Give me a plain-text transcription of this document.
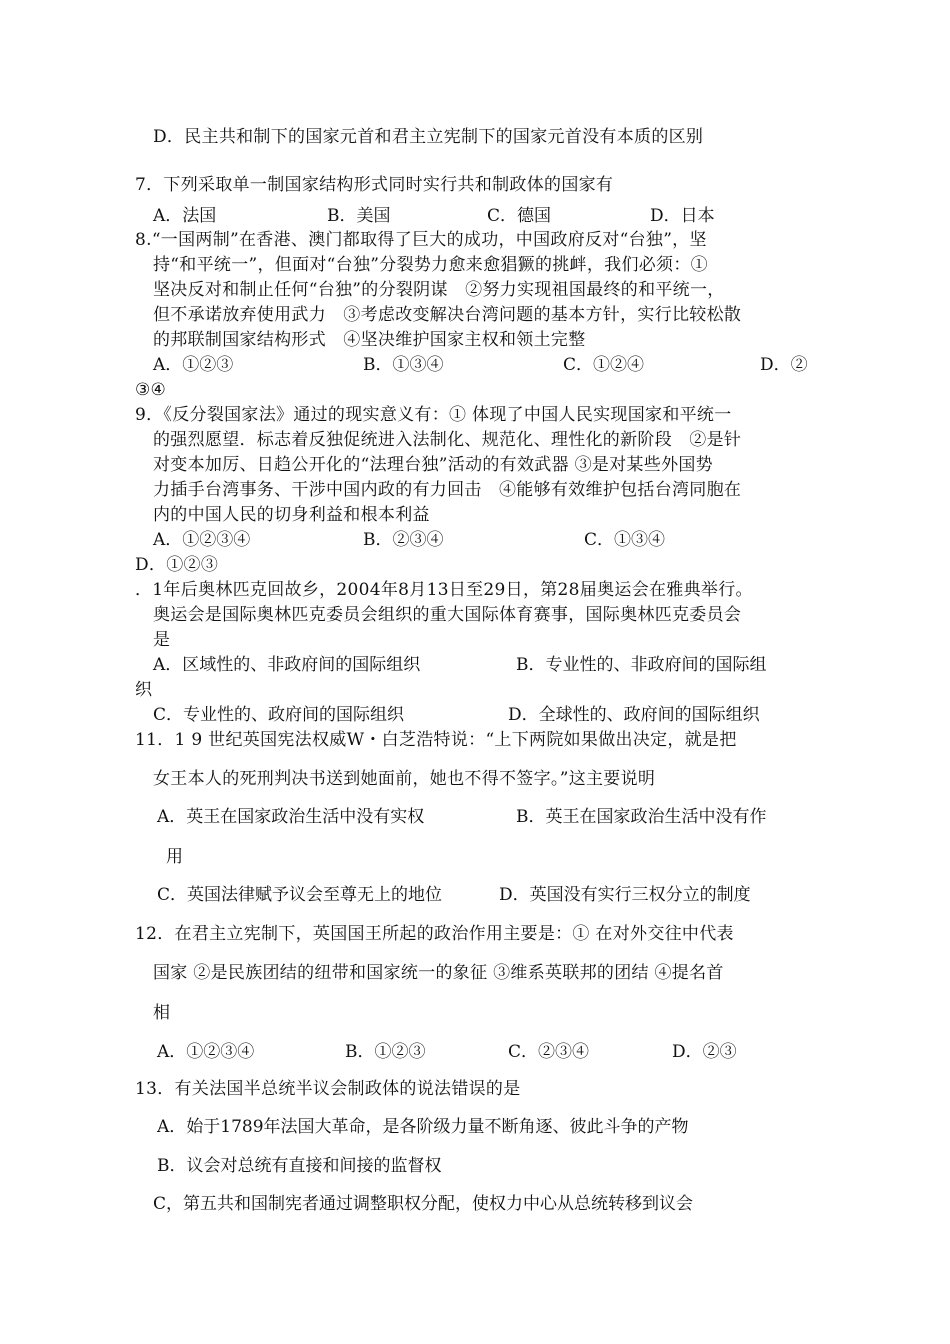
D．民主共和制下的国家元首和君主立宪制下的国家元首没有本质的区别
7．下列采取单一制国家结构形式同时实行共和制政体的国家有
A．法国	B．美国	C．德国	D．日本
8.“一国两制”在香港、澳门都取得了巨大的成功，中国政府反对“台独”，坚
持“和平统一”，但面对“台独”分裂势力愈来愈猖獗的挑衅，我们必须：①
坚决反对和制止任何“台独”的分裂阴谋　②努力实现祖国最终的和平统一，
但不承诺放弃使用武力　③考虑改变解决台湾问题的基本方针，实行比较松散
的邦联制国家结构形式　④坚决维护国家主权和领土完整
A．①②③	B．①③④	C．①②④	D．②
③④
9．《反分裂国家法》通过的现实意义有：① 体现了中国人民实现国家和平统一
的强烈愿望．标志着反独促统进入法制化、规范化、理性化的新阶段　②是针
对变本加厉、日趋公开化的“法理台独”活动的有效武器 ③是对某些外国势
力插手台湾事务、干涉中国内政的有力回击　④能够有效维护包括台湾同胞在
内的中国人民的切身利益和根本利益
A．①②③④	B．②③④	C．①③④
D．①②③
．1年后奥林匹克回故乡，2004年8月13日至29日，第28届奥运会在雅典举行。
奥运会是国际奥林匹克委员会组织的重大国际体育赛事，国际奥林匹克委员会
是
A．区域性的、非政府间的国际组织	B．专业性的、非政府间的国际组
织
C．专业性的、政府间的国际组织	D．全球性的、政府间的国际组织
11．1 9 世纪英国宪法权威W・白芝浩特说：“上下两院如果做出决定，就是把
女王本人的死刑判决书送到她面前，她也不得不签字。”这主要说明
A．英王在国家政治生活中没有实权	B．英王在国家政治生活中没有作
用
C．英国法律赋予议会至尊无上的地位	D．英国没有实行三权分立的制度
12．在君主立宪制下，英国国王所起的政治作用主要是：① 在对外交往中代表
国家 ②是民族团结的纽带和国家统一的象征 ③维系英联邦的团结 ④提名首
相
A．①②③④	B．①②③	C．②③④	D．②③
13．有关法国半总统半议会制政体的说法错误的是
A．始于1789年法国大革命，是各阶级力量不断角逐、彼此斗争的产物
B．议会对总统有直接和间接的监督权
C，第五共和国制宪者通过调整职权分配，使权力中心从总统转移到议会
